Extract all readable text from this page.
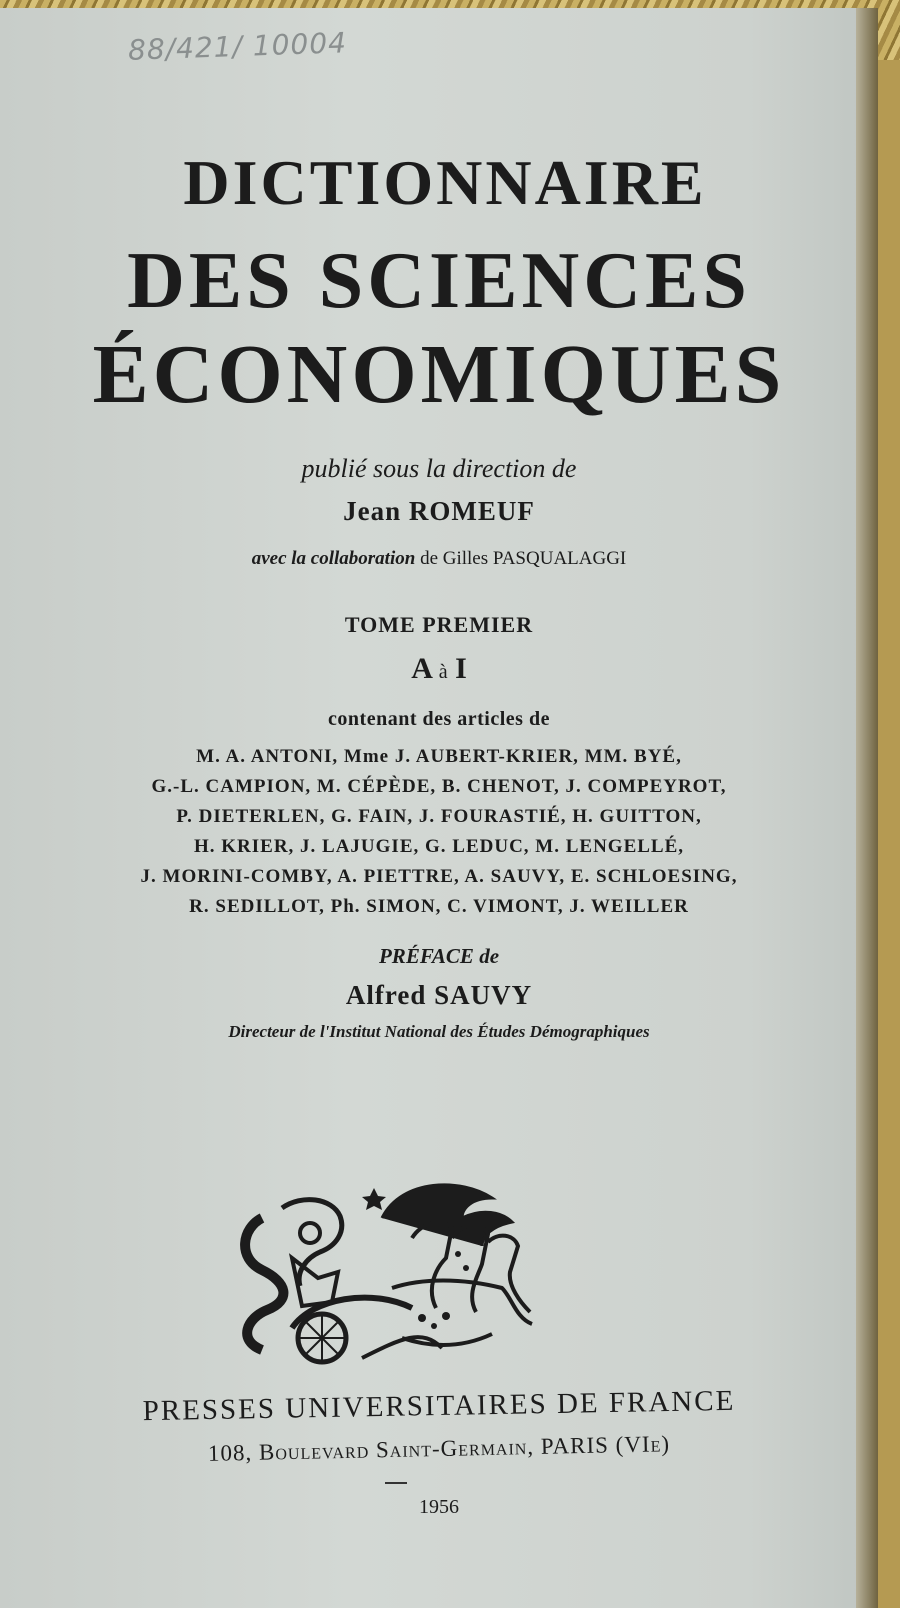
88/421/ 10004
DICTIONNAIRE
DES SCIENCES
ÉCONOMIQUES
publié sous la direction de
Jean ROMEUF
avec la collaboration de Gilles PASQUALAGGI
TOME PREMIER
A à I
contenant des articles de
M. A. ANTONI, Mme J. AUBERT-KRIER, MM. BYÉ,
G.-L. CAMPION, M. CÉPÈDE, B. CHENOT, J. COMPEYROT,
P. DIETERLEN, G. FAIN, J. FOURASTIÉ, H. GUITTON,
H. KRIER, J. LAJUGIE, G. LEDUC, M. LENGELLÉ,
J. MORINI-COMBY, A. PIETTRE, A. SAUVY, E. SCHLOESING,
R. SEDILLOT, Ph. SIMON, C. VIMONT, J. WEILLER
PRÉFACE de
Alfred SAUVY
Directeur de l'Institut National des Études Démographiques
PRESSES UNIVERSITAIRES DE FRANCE
108, Boulevard Saint-Germain, PARIS (VIe)
1956
